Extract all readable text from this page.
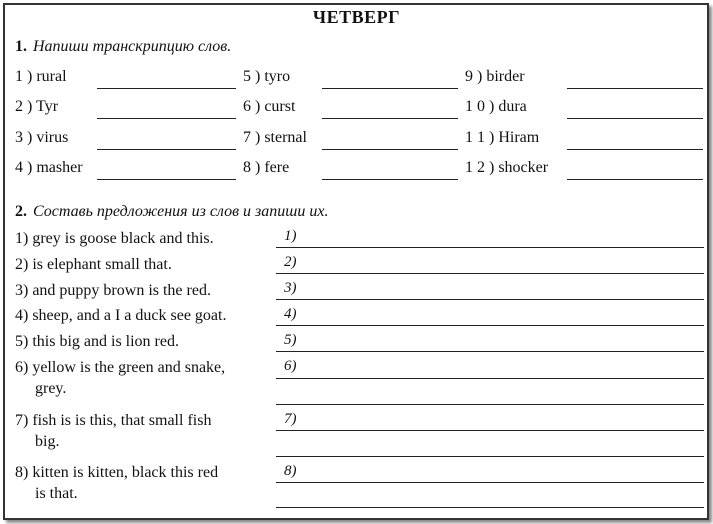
ЧЕТВЕРГ
1. Напиши транскрипцию слов.
1 ) rural
2 ) Tyr
3 ) virus
4 ) masher
5 ) tyro
6 ) curst
7 ) sternal
8 ) fere
9 ) birder
1 0 ) dura
1 1 ) Hiram
1 2 ) shocker
2. Составь предложения из слов и запиши их.
1) grey is goose black and this.	1)
2) is elephant small that.	2)
3) and puppy brown is the red.	3)
4) sheep, and a I a duck see goat.	4)
5) this big and is lion red.	5)
6) yellow is the green and snake,
grey.
6)
7) fish is is this, that small fish
big.
7)
8) kitten is kitten, black this red
is that.
8)
